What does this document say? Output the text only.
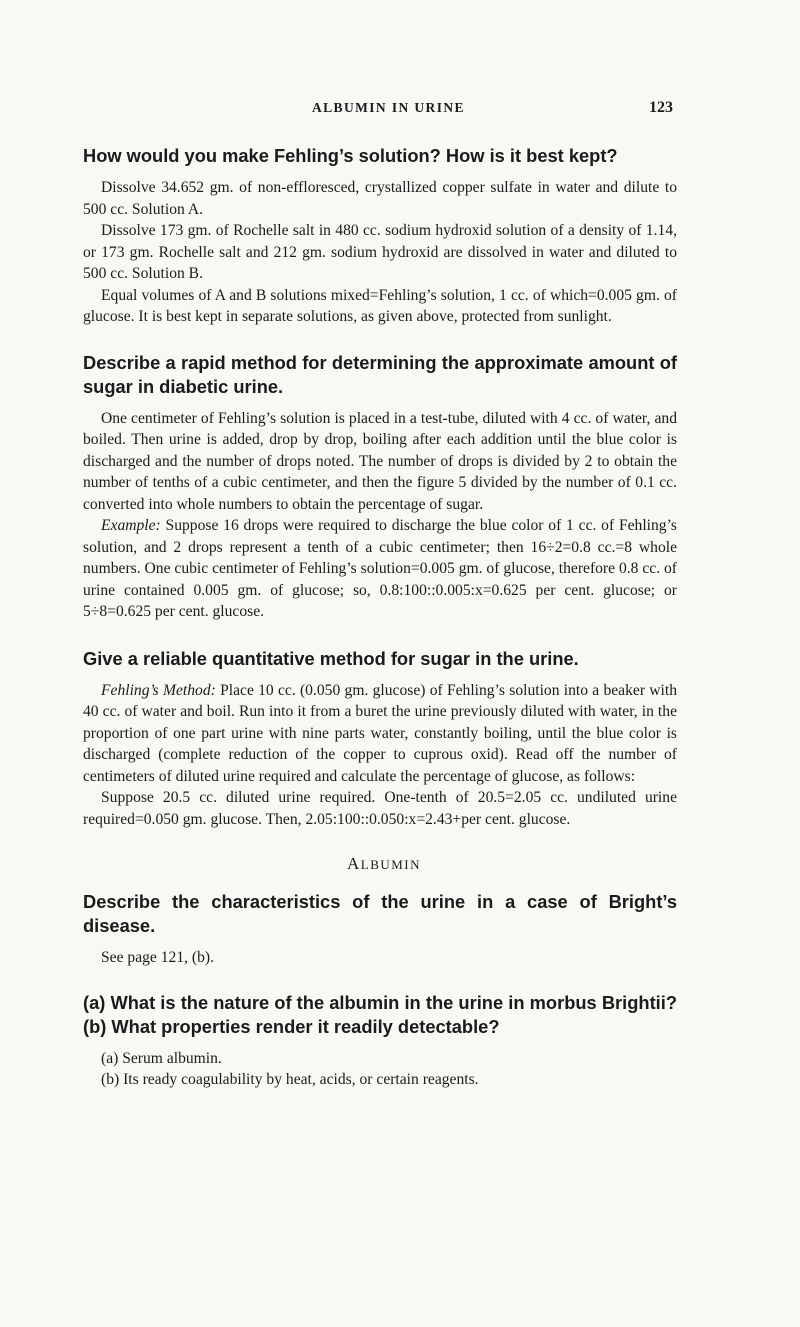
ALBUMIN IN URINE	123
How would you make Fehling’s solution? How is it best kept?

Dissolve 34.652 gm. of non-effloresced, crystallized copper sulfate in water and dilute to 500 cc. Solution A.

Dissolve 173 gm. of Rochelle salt in 480 cc. sodium hydroxid solution of a density of 1.14, or 173 gm. Rochelle salt and 212 gm. sodium hydroxid are dissolved in water and diluted to 500 cc. Solution B.

Equal volumes of A and B solutions mixed=Fehling’s solution, 1 cc. of which=0.005 gm. of glucose. It is best kept in separate solutions, as given above, protected from sunlight.

Describe a rapid method for determining the approximate amount of sugar in diabetic urine.

One centimeter of Fehling’s solution is placed in a test-tube, diluted with 4 cc. of water, and boiled. Then urine is added, drop by drop, boiling after each addition until the blue color is discharged and the number of drops noted. The number of drops is divided by 2 to obtain the number of tenths of a cubic centimeter, and then the figure 5 divided by the number of 0.1 cc. converted into whole numbers to obtain the percentage of sugar.

Example: Suppose 16 drops were required to discharge the blue color of 1 cc. of Fehling’s solution, and 2 drops represent a tenth of a cubic centimeter; then 16÷2=0.8 cc.=8 whole numbers. One cubic centimeter of Fehling’s solution=0.005 gm. of glucose, therefore 0.8 cc. of urine contained 0.005 gm. of glucose; so, 0.8:100::0.005:x=0.625 per cent. glucose; or 5÷8=0.625 per cent. glucose.

Give a reliable quantitative method for sugar in the urine.

Fehling’s Method: Place 10 cc. (0.050 gm. glucose) of Fehling’s solution into a beaker with 40 cc. of water and boil. Run into it from a buret the urine previously diluted with water, in the proportion of one part urine with nine parts water, constantly boiling, until the blue color is discharged (complete reduction of the copper to cuprous oxid). Read off the number of centimeters of diluted urine required and calculate the percentage of glucose, as follows:

Suppose 20.5 cc. diluted urine required. One-tenth of 20.5=2.05 cc. undiluted urine required=0.050 gm. glucose. Then, 2.05:100::0.050:x=2.43+per cent. glucose.

ALBUMIN
Describe the characteristics of the urine in a case of Bright’s disease.

See page 121, (b).

(a) What is the nature of the albumin in the urine in morbus Brightii? (b) What properties render it readily detectable?

(a) Serum albumin.

(b) Its ready coagulability by heat, acids, or certain reagents.
